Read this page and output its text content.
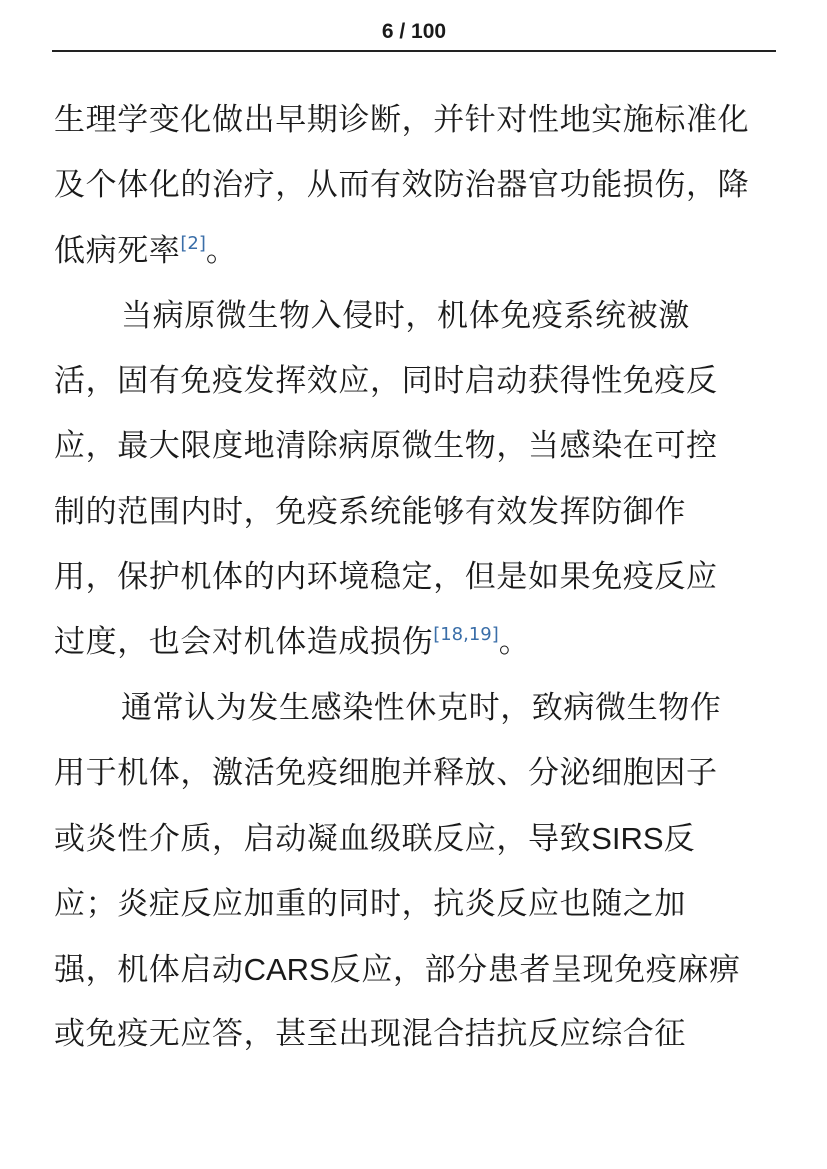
6 / 100
生理学变化做出早期诊断，并针对性地实施标准化
及个体化的治疗，从而有效防治器官功能损伤，降
低病死率[2]。
当病原微生物入侵时，机体免疫系统被激
活，固有免疫发挥效应，同时启动获得性免疫反
应，最大限度地清除病原微生物，当感染在可控
制的范围内时，免疫系统能够有效发挥防御作
用，保护机体的内环境稳定，但是如果免疫反应
过度，也会对机体造成损伤[18,19]。
通常认为发生感染性休克时，致病微生物作
用于机体，激活免疫细胞并释放、分泌细胞因子
或炎性介质，启动凝血级联反应，导致SIRS反
应；炎症反应加重的同时，抗炎反应也随之加
强，机体启动CARS反应，部分患者呈现免疫麻痹
或免疫无应答，甚至出现混合拮抗反应综合征
